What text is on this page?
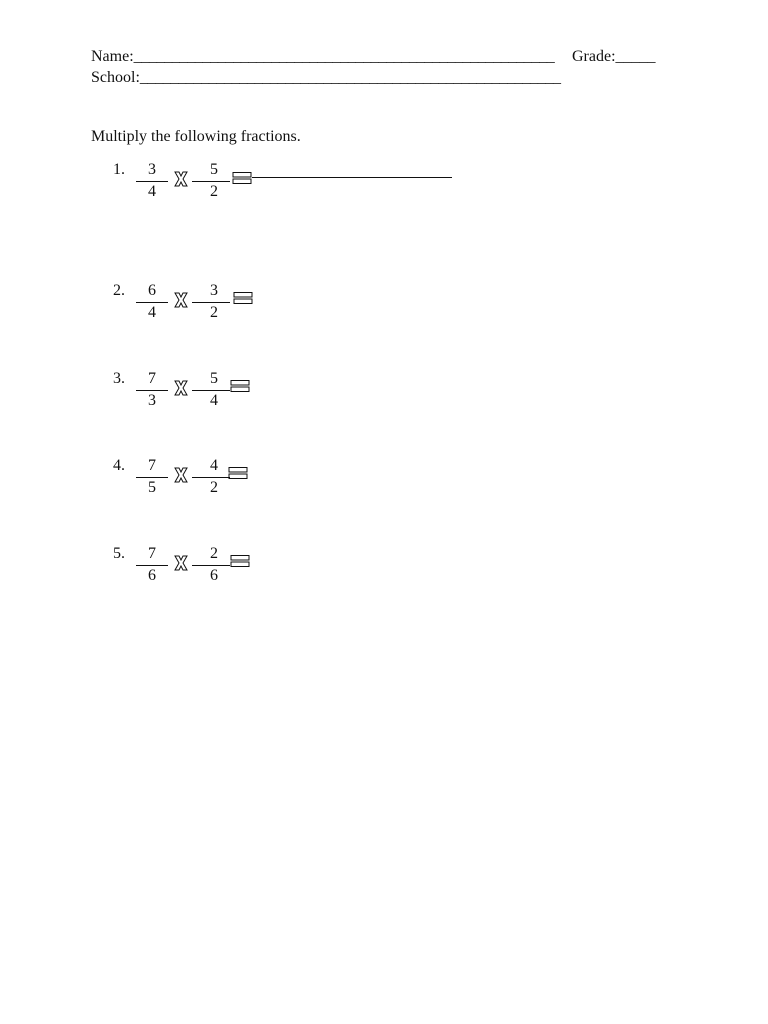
Name:_______________________________________________________ Grade:_____
School:_______________________________________________________
Multiply the following fractions.
1.	3
4
5
2
2.	6
4
3
2
3.	7
3
5
4
4.	7
5
4
2
5.	7
6
2
6
